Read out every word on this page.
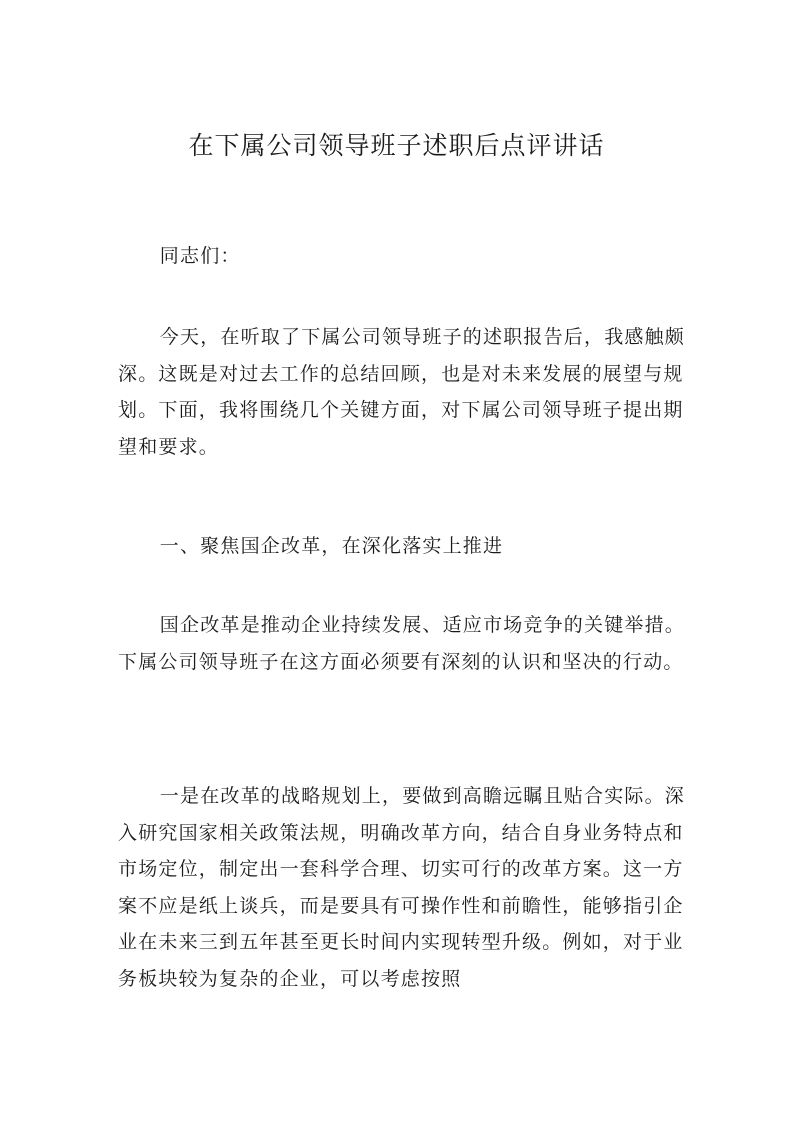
在下属公司领导班子述职后点评讲话

同志们：

今天，在听取了下属公司领导班子的述职报告后，我感触颇深。这既是对过去工作的总结回顾，也是对未来发展的展望与规划。下面，我将围绕几个关键方面，对下属公司领导班子提出期望和要求。

一、聚焦国企改革，在深化落实上推进

国企改革是推动企业持续发展、适应市场竞争的关键举措。下属公司领导班子在这方面必须要有深刻的认识和坚决的行动。

一是在改革的战略规划上，要做到高瞻远瞩且贴合实际。深入研究国家相关政策法规，明确改革方向，结合自身业务特点和市场定位，制定出一套科学合理、切实可行的改革方案。这一方案不应是纸上谈兵，而是要具有可操作性和前瞻性，能够指引企业在未来三到五年甚至更长时间内实现转型升级。例如，对于业务板块较为复杂的企业，可以考虑按照
